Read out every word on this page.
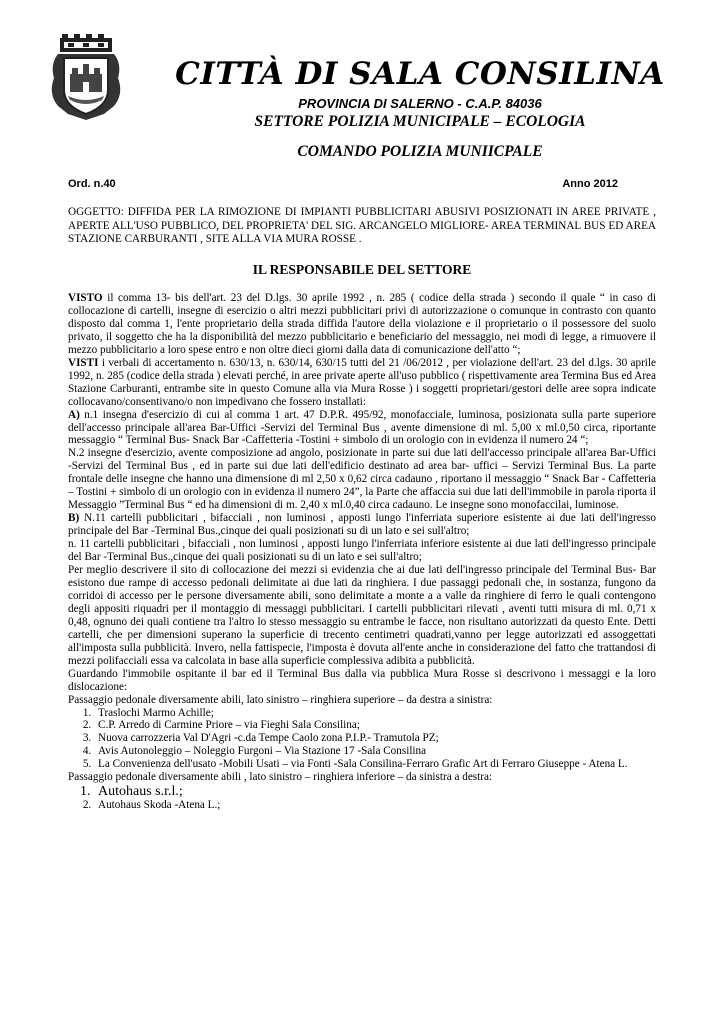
CITTÀ DI SALA CONSILINA
PROVINCIA DI SALERNO - C.A.P. 84036
SETTORE POLIZIA MUNICIPALE – ECOLOGIA
COMANDO POLIZIA MUNIICPALE
Ord. n.40	Anno 2012
OGGETTO: DIFFIDA PER LA RIMOZIONE DI IMPIANTI PUBBLICITARI ABUSIVI POSIZIONATI IN AREE PRIVATE , APERTE ALL'USO PUBBLICO, DEL PROPRIETA' DEL SIG. ARCANGELO MIGLIORE- AREA TERMINAL BUS ED AREA STAZIONE CARBURANTI , SITE ALLA VIA MURA ROSSE .
IL RESPONSABILE DEL SETTORE

VISTO il comma 13- bis dell'art. 23 del D.lgs. 30 aprile 1992 , n. 285 ( codice della strada ) secondo il quale “ in caso di collocazione di cartelli, insegne di esercizio o altri mezzi pubblicitari privi di autorizzazione o comunque in contrasto con quanto disposto dal comma 1, l'ente proprietario della strada diffida l'autore della violazione e il proprietario o il possessore del suolo privato, il soggetto che ha la disponibilità del mezzo pubblicitario e beneficiario del messaggio, nei modi di legge, a rimuovere il mezzo pubblicitario a loro spese entro e non oltre dieci giorni dalla data di comunicazione dell'atto “;

VISTI i verbali di accertamento n. 630/13, n. 630/14, 630/15 tutti del 21 /06/2012 , per violazione dell'art. 23 del d.lgs. 30 aprile 1992, n. 285 (codice della strada ) elevati perché, in aree private aperte all'uso pubblico ( rispettivamente area Termina Bus ed Area Stazione Carburanti, entrambe site in questo Comune alla via Mura Rosse ) i soggetti proprietari/gestori delle aree sopra indicate collocavano/consentivano/o non impedivano che fossero installati:

A) n.1 insegna d'esercizio di cui al comma 1 art. 47 D.P.R. 495/92, monofacciale, luminosa, posizionata sulla parte superiore dell'accesso principale all'area Bar-Uffici -Servizi del Terminal Bus , avente dimensione di ml. 5,00 x ml.0,50 circa, riportante messaggio “ Terminal Bus- Snack Bar -Caffetteria -Tostini + simbolo di un orologio con in evidenza il numero 24 “;

N.2 insegne d'esercizio, avente composizione ad angolo, posizionate in parte sui due lati dell'accesso principale all'area Bar-Uffici -Servizi del Terminal Bus , ed in parte sui due lati dell'edificio destinato ad area bar- uffici – Servizi Terminal Bus. La parte frontale delle insegne che hanno una dimensione di ml 2,50 x 0,62 circa cadauno , riportano il messaggio “ Snack Bar - Caffetteria – Tostini + simbolo di un orologio con in evidenza il numero 24”, la Parte che affaccia sui due lati dell'immobile in parola riporta il Messaggio ”Terminal Bus “ ed ha dimensioni di m. 2,40 x ml.0,40 circa cadauno. Le insegne sono monofaccilai, luminose.

B) N.11 cartelli pubblicitari , bifacciali , non luminosi , apposti lungo l'inferriata superiore esistente ai due lati dell'ingresso principale del Bar -Terminal Bus.,cinque dei quali posizionati su di un lato e sei sull'altro;

n. 11 cartelli pubblicitari , bifacciali , non luminosi , apposti lungo l'inferriata inferiore esistente ai due lati dell'ingresso principale del Bar -Terminal Bus.,cinque dei quali posizionati su di un lato e sei sull'altro;

Per meglio descrivere il sito di collocazione dei mezzi si evidenzia che ai due lati dell'ingresso principale del Terminal Bus- Bar esistono due rampe di accesso pedonali delimitate ai due lati da ringhiera. I due passaggi pedonali che, in sostanza, fungono da corridoi di accesso per le persone diversamente abili, sono delimitate a monte a a valle da ringhiere di ferro le quali contengono degli appositi riquadri per il montaggio di messaggi pubblicitari. I cartelli pubblicitari rilevati , aventi tutti misura di ml. 0,71 x 0,48, ognuno dei quali contiene tra l'altro lo stesso messaggio su entrambe le facce, non risultano autorizzati da questo Ente. Detti cartelli, che per dimensioni superano la superficie di trecento centimetri quadrati,vanno per legge autorizzati ed assoggettati all'imposta sulla pubblicità. Invero, nella fattispecie, l'imposta è dovuta all'ente anche in considerazione del fatto che trattandosi di mezzi polifacciali essa va calcolata in base alla superficie complessiva adibita a pubblicità.

Guardando l'immobile ospitante il bar ed il Terminal Bus dalla via pubblica Mura Rosse si descrivono i messaggi e la loro dislocazione:

Passaggio pedonale diversamente abili, lato sinistro – ringhiera superiore – da destra a sinistra:

1. Traslochi Marmo Achille;
2. C.P. Arredo di Carmine Priore – via Fieghi Sala Consilina;
3. Nuova carrozzeria Val D'Agri -c.da Tempe Caolo zona P.I.P.- Tramutola PZ;
4. Avis Autonoleggio – Noleggio Furgoni – Via Stazione 17 -Sala Consilina
5. La Convenienza dell'usato -Mobili Usati – via Fonti -Sala Consilina-Ferraro Grafic Art di Ferraro Giuseppe - Atena L.

Passaggio pedonale diversamente abili , lato sinistro – ringhiera inferiore – da sinistra a destra:

1. Autohaus s.r.l.;
2. Autohaus Skoda -Atena L.;
